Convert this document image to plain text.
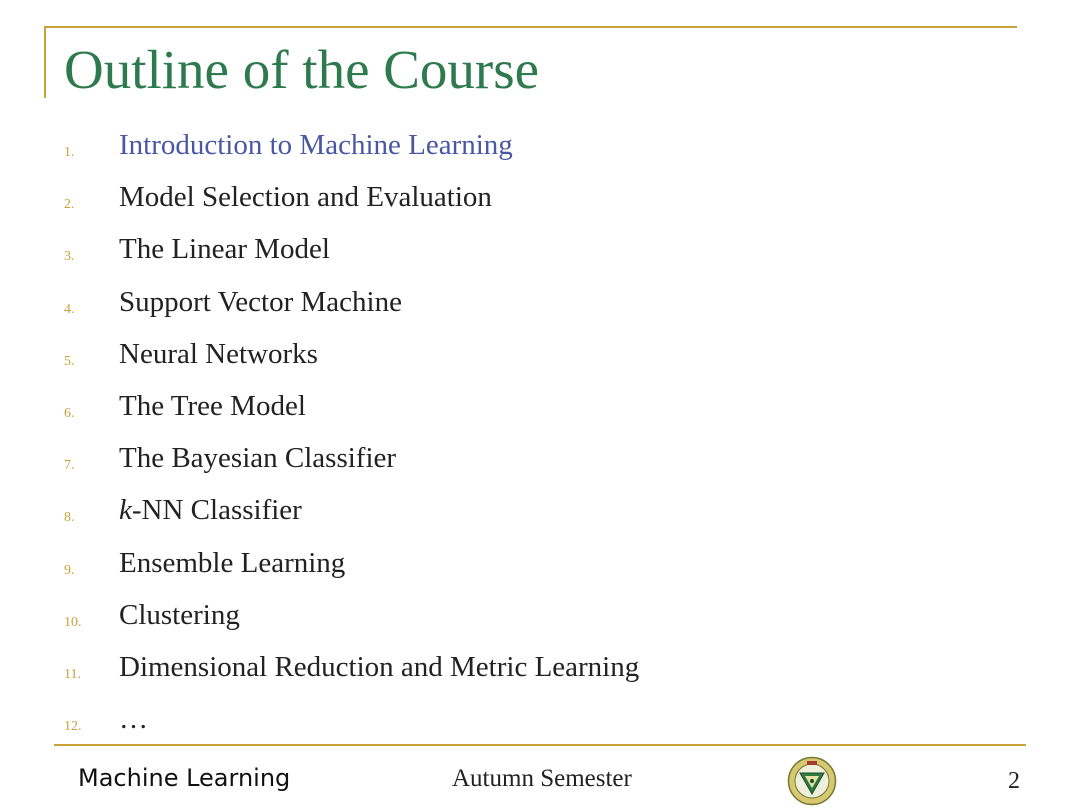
Outline of the Course
1. Introduction to Machine Learning
2. Model Selection and Evaluation
3. The Linear Model
4. Support Vector Machine
5. Neural Networks
6. The Tree Model
7. The Bayesian Classifier
8. k-NN Classifier
9. Ensemble Learning
10. Clustering
11. Dimensional Reduction and Metric Learning
12. …
Machine Learning	Autumn Semester	2
